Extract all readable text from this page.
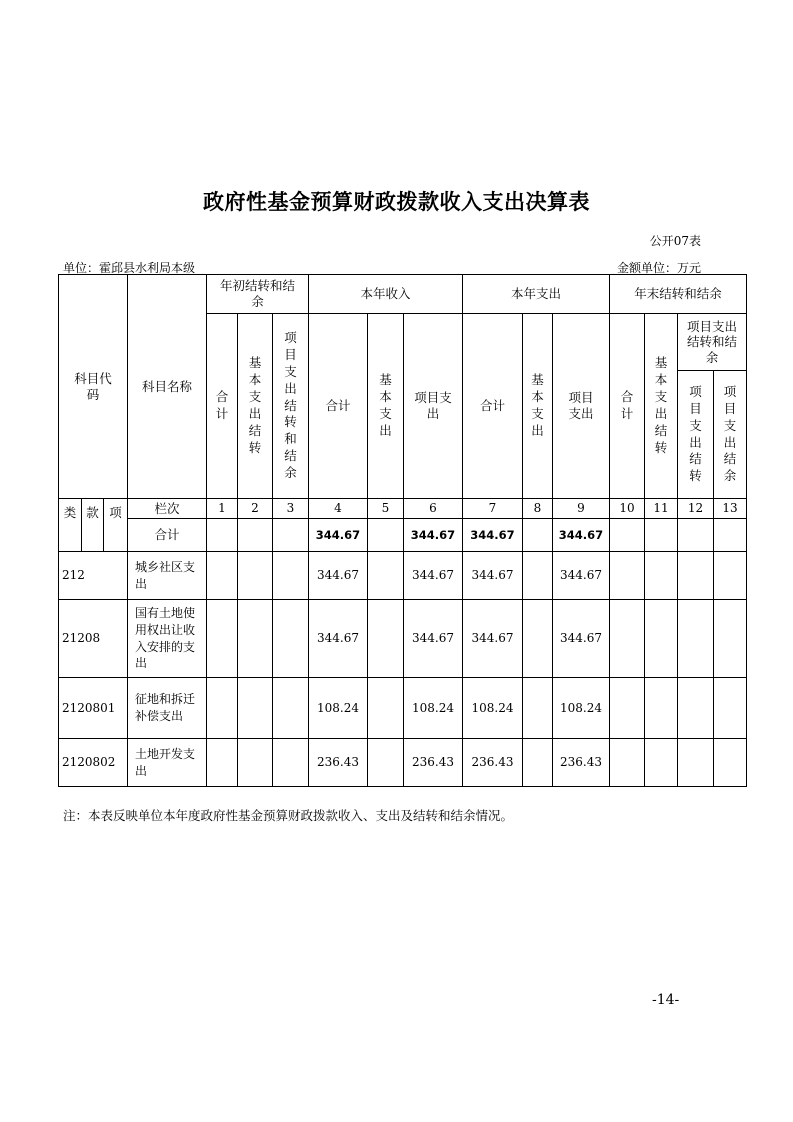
政府性基金预算财政拨款收入支出决算表
公开07表
单位：霍邱县水利局本级	金额单位：万元
科目代码			科目名称	年初结转和结余			本年收入			本年支出			年末结转和结余			
				合计	基本支出结转	项目支出结转和结余	合计	基本支出	项目支出	合计	基本支出	项目支出	合计	基本支出结转	项目支出结转和结余	
															项目支出结转	项目支出结余
类	款	项	栏次	1	2	3	4	5	6	7	8	9	10	11	12	13
			合计				344.67		344.67	344.67		344.67				
212			城乡社区支出				344.67		344.67	344.67		344.67				
21208			国有土地使用权出让收入安排的支出				344.67		344.67	344.67		344.67				
2120801			征地和拆迁补偿支出				108.24		108.24	108.24		108.24				
2120802			土地开发支出				236.43		236.43	236.43		236.43				
注：本表反映单位本年度政府性基金预算财政拨款收入、支出及结转和结余情况。
-14-
